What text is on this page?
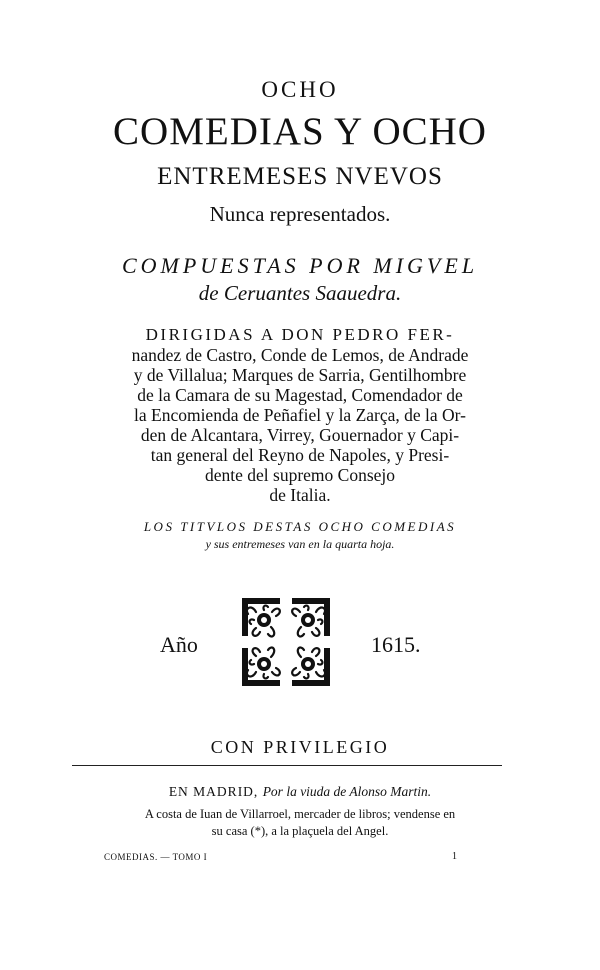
OCHO
COMEDIAS Y OCHO
ENTREMESES NVEVOS
Nunca representados.
COMPUESTAS POR MIGVEL
de Ceruantes Saauedra.
DIRIGIDAS A DON PEDRO FER-
nandez de Castro, Conde de Lemos, de Andrade
y de Villalua; Marques de Sarria, Gentilhombre
de la Camara de su Magestad, Comendador de
la Encomienda de Peñafiel y la Zarça, de la Or-
den de Alcantara, Virrey, Gouernador y Capi-
tan general del Reyno de Napoles, y Presi-
dente del supremo Consejo
de Italia.
LOS TITVLOS DESTAS OCHO COMEDIAS
y sus entremeses van en la quarta hoja.
Año	1615.
CON PRIVILEGIO
EN MADRID, Por la viuda de Alonso Martin.
A costa de Iuan de Villarroel, mercader de libros; vendense en
su casa (*), a la plaçuela del Angel.
COMEDIAS. — TOMO I	1
